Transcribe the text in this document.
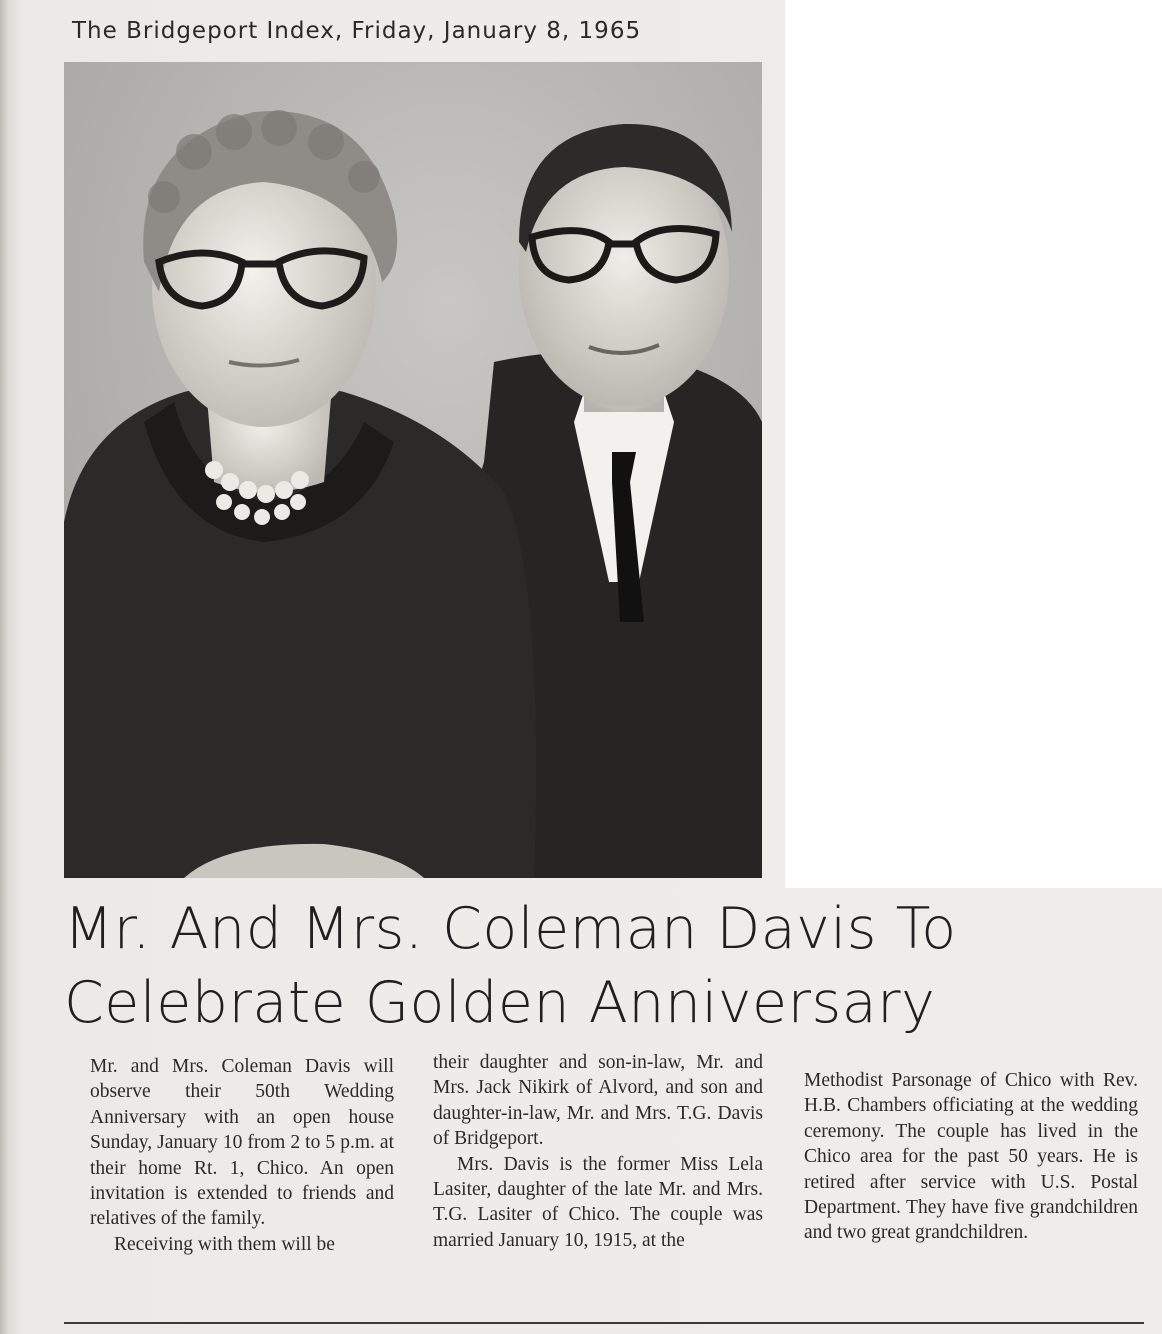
The Bridgeport Index, Friday, January 8, 1965
Mr. And Mrs. Coleman Davis To
Celebrate Golden Anniversary

Mr. and Mrs. Coleman Davis will observe their 50th Wedding Anniversary with an open house Sunday, January 10 from 2 to 5 p.m. at their home Rt. 1, Chico. An open invitation is extended to friends and relatives of the family.

Receiving with them will be

their daughter and son-in-law, Mr. and Mrs. Jack Nikirk of Alvord, and son and daughter-in-law, Mr. and Mrs. T.G. Davis of Bridgeport.

Mrs. Davis is the former Miss Lela Lasiter, daughter of the late Mr. and Mrs. T.G. Lasiter of Chico. The couple was married January 10, 1915, at the

Methodist Parsonage of Chico with Rev. H.B. Chambers officiating at the wedding ceremony. The couple has lived in the Chico area for the past 50 years. He is retired after service with U.S. Postal Department. They have five grandchildren and two great grandchildren.
